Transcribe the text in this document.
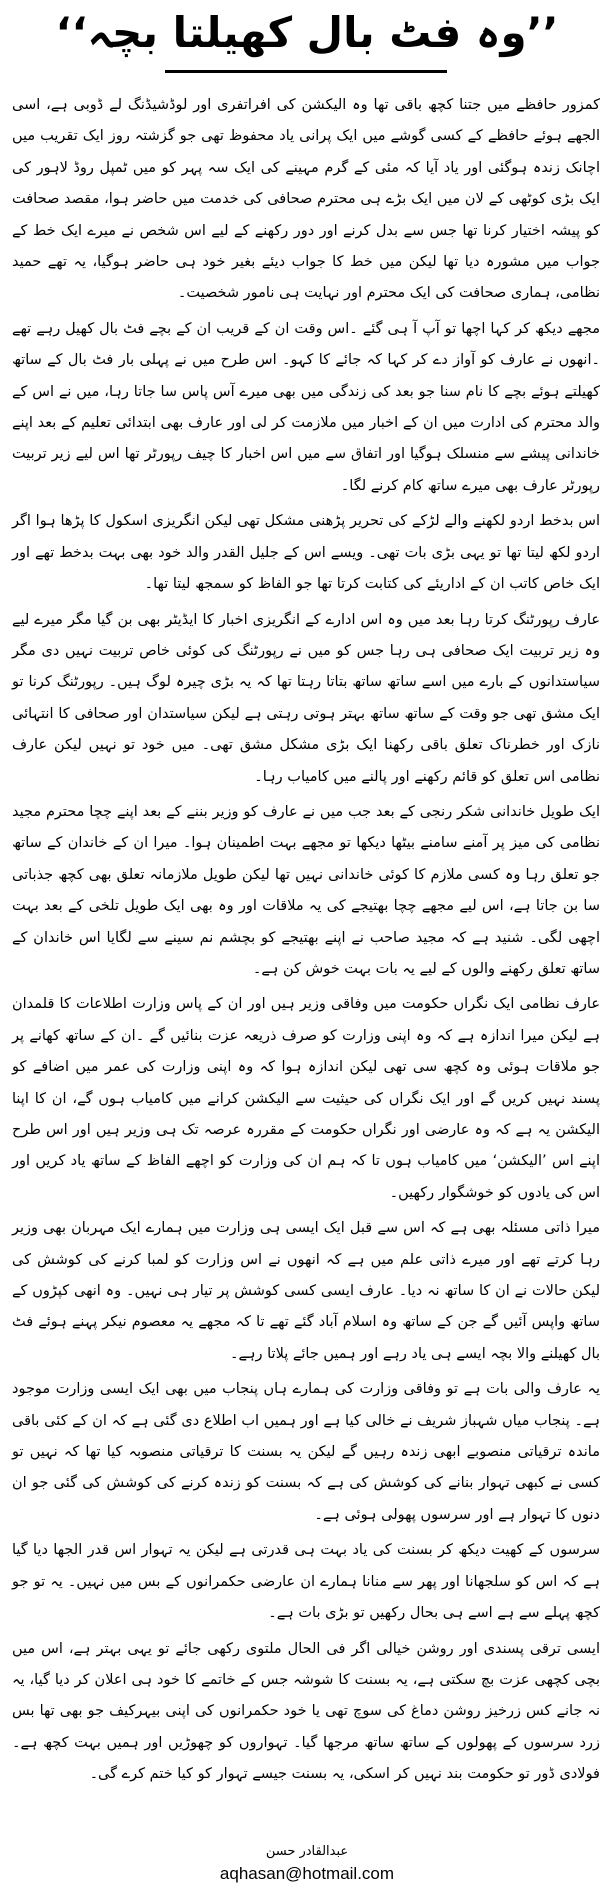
’’وہ فٹ بال کھیلتا بچہ‘‘

کمزور حافظے میں جتنا کچھ باقی تھا وہ الیکشن کی افراتفری اور لوڈشیڈنگ لے ڈوبی ہے، اسی الجھے ہوئے حافظے کے کسی گوشے میں ایک پرانی یاد محفوظ تھی جو گزشتہ روز ایک تقریب میں اچانک زندہ ہوگئی اور یاد آیا کہ مئی کے گرم مہینے کی ایک سہ پہر کو میں ٹمپل روڈ لاہور کی ایک بڑی کوٹھی کے لان میں ایک بڑے ہی محترم صحافی کی خدمت میں حاضر ہوا، مقصد صحافت کو پیشہ اختیار کرنا تھا جس سے بدل کرنے اور دور رکھنے کے لیے اس شخص نے میرے ایک خط کے جواب میں مشورہ دیا تھا لیکن میں خط کا جواب دیئے بغیر خود ہی حاضر ہوگیا، یہ تھے حمید نظامی، ہماری صحافت کی ایک محترم اور نہایت ہی نامور شخصیت۔

مجھے دیکھ کر کہا اچھا تو آپ آ ہی گئے ۔اس وقت ان کے قریب ان کے بچے فٹ بال کھیل رہے تھے ۔انھوں نے عارف کو آواز دے کر کہا کہ جائے کا کہو۔ اس طرح میں نے پہلی بار فٹ بال کے ساتھ کھیلتے ہوئے بچے کا نام سنا جو بعد کی زندگی میں بھی میرے آس پاس سا جاتا رہا، میں نے اس کے والد محترم کی ادارت میں ان کے اخبار میں ملازمت کر لی اور عارف بھی ابتدائی تعلیم کے بعد اپنے خاندانی پیشے سے منسلک ہوگیا اور اتفاق سے میں اس اخبار کا چیف رپورٹر تھا اس لیے زیر تربیت رپورٹر عارف بھی میرے ساتھ کام کرنے لگا۔

اس بدخط اردو لکھنے والے لڑکے کی تحریر پڑھنی مشکل تھی لیکن انگریزی اسکول کا پڑھا ہوا اگر اردو لکھ لیتا تھا تو یہی بڑی بات تھی۔ ویسے اس کے جلیل القدر والد خود بھی بہت بدخط تھے اور ایک خاص کاتب ان کے اداریئے کی کتابت کرتا تھا جو الفاظ کو سمجھ لیتا تھا۔

عارف رپورٹنگ کرتا رہا بعد میں وہ اس ادارے کے انگریزی اخبار کا ایڈیٹر بھی بن گیا مگر میرے لیے وہ زیر تربیت ایک صحافی ہی رہا جس کو میں نے رپورٹنگ کی کوئی خاص تربیت نہیں دی مگر سیاستدانوں کے بارے میں اسے ساتھ ساتھ بتاتا رہتا تھا کہ یہ بڑی چیرہ لوگ ہیں۔ رپورٹنگ کرنا تو ایک مشق تھی جو وقت کے ساتھ ساتھ بہتر ہوتی رہتی ہے لیکن سیاستدان اور صحافی کا انتہائی نازک اور خطرناک تعلق باقی رکھنا ایک بڑی مشکل مشق تھی۔ میں خود تو نہیں لیکن عارف نظامی اس تعلق کو قائم رکھنے اور پالنے میں کامیاب رہا۔

ایک طویل خاندانی شکر رنجی کے بعد جب میں نے عارف کو وزیر بننے کے بعد اپنے چچا محترم مجید نظامی کی میز پر آمنے سامنے بیٹھا دیکھا تو مجھے بہت اطمینان ہوا۔ میرا ان کے خاندان کے ساتھ جو تعلق رہا وہ کسی ملازم کا کوئی خاندانی نہیں تھا لیکن طویل ملازمانہ تعلق بھی کچھ جذباتی سا بن جاتا ہے، اس لیے مجھے چچا بھتیجے کی یہ ملاقات اور وہ بھی ایک طویل تلخی کے بعد بہت اچھی لگی۔ شنید ہے کہ مجید صاحب نے اپنے بھتیجے کو بچشم نم سینے سے لگایا اس خاندان کے ساتھ تعلق رکھنے والوں کے لیے یہ بات بہت خوش کن ہے۔

عارف نظامی ایک نگراں حکومت میں وفاقی وزیر ہیں اور ان کے پاس وزارت اطلاعات کا قلمدان ہے لیکن میرا اندازہ ہے کہ وہ اپنی وزارت کو صرف ذریعہ عزت بنائیں گے ۔ان کے ساتھ کھانے پر جو ملاقات ہوئی وہ کچھ سی تھی لیکن اندازہ ہوا کہ وہ اپنی وزارت کی عمر میں اضافے کو پسند نہیں کریں گے اور ایک نگراں کی حیثیت سے الیکشن کرانے میں کامیاب ہوں گے، ان کا اپنا الیکشن یہ ہے کہ وہ عارضی اور نگراں حکومت کے مقررہ عرصہ تک ہی وزیر ہیں اور اس طرح اپنے اس ’الیکشن‘ میں کامیاب ہوں تا کہ ہم ان کی وزارت کو اچھے الفاظ کے ساتھ یاد کریں اور اس کی یادوں کو خوشگوار رکھیں۔

میرا ذاتی مسئلہ بھی ہے کہ اس سے قبل ایک ایسی ہی وزارت میں ہمارے ایک مہربان بھی وزیر رہا کرتے تھے اور میرے ذاتی علم میں ہے کہ انھوں نے اس وزارت کو لمبا کرنے کی کوشش کی لیکن حالات نے ان کا ساتھ نہ دیا۔ عارف ایسی کسی کوشش پر تیار ہی نہیں۔ وہ انھی کپڑوں کے ساتھ واپس آئیں گے جن کے ساتھ وہ اسلام آباد گئے تھے تا کہ مجھے یہ معصوم نیکر پہنے ہوئے فٹ بال کھیلنے والا بچہ ایسے ہی یاد رہے اور ہمیں جائے پلاتا رہے۔

یہ عارف والی بات ہے تو وفاقی وزارت کی ہمارے ہاں پنجاب میں بھی ایک ایسی وزارت موجود ہے۔ پنجاب میاں شہباز شریف نے خالی کیا ہے اور ہمیں اب اطلاع دی گئی ہے کہ ان کے کئی باقی ماندہ ترقیاتی منصوبے ابھی زندہ رہیں گے لیکن یہ بسنت کا ترقیاتی منصوبہ کیا تھا کہ نہیں تو کسی نے کبھی تہوار بنانے کی کوشش کی ہے کہ بسنت کو زندہ کرنے کی کوشش کی گئی جو ان دنوں کا تہوار ہے اور سرسوں پھولی ہوئی ہے۔

سرسوں کے کھیت دیکھ کر بسنت کی یاد بہت ہی قدرتی ہے لیکن یہ تہوار اس قدر الجھا دیا گیا ہے کہ اس کو سلجھانا اور پھر سے منانا ہمارے ان عارضی حکمرانوں کے بس میں نہیں۔ یہ تو جو کچھ پہلے سے ہے اسے ہی بحال رکھیں تو بڑی بات ہے۔

ایسی ترقی پسندی اور روشن خیالی اگر فی الحال ملتوی رکھی جائے تو یہی بہتر ہے، اس میں بچی کچھی عزت بچ سکتی ہے، یہ بسنت کا شوشہ جس کے خاتمے کا خود ہی اعلان کر دیا گیا، یہ نہ جانے کس زرخیز روشن دماغ کی سوچ تھی یا خود حکمرانوں کی اپنی بیہرکیف جو بھی تھا بس زرد سرسوں کے پھولوں کے ساتھ ساتھ مرجھا گیا۔ تہواروں کو چھوڑیں اور ہمیں بہت کچھ ہے۔ فولادی ڈور تو حکومت بند نہیں کر اسکی، یہ بسنت جیسے تہوار کو کیا ختم کرے گی۔

عبدالقادر حسن
aqhasan@hotmail.com
